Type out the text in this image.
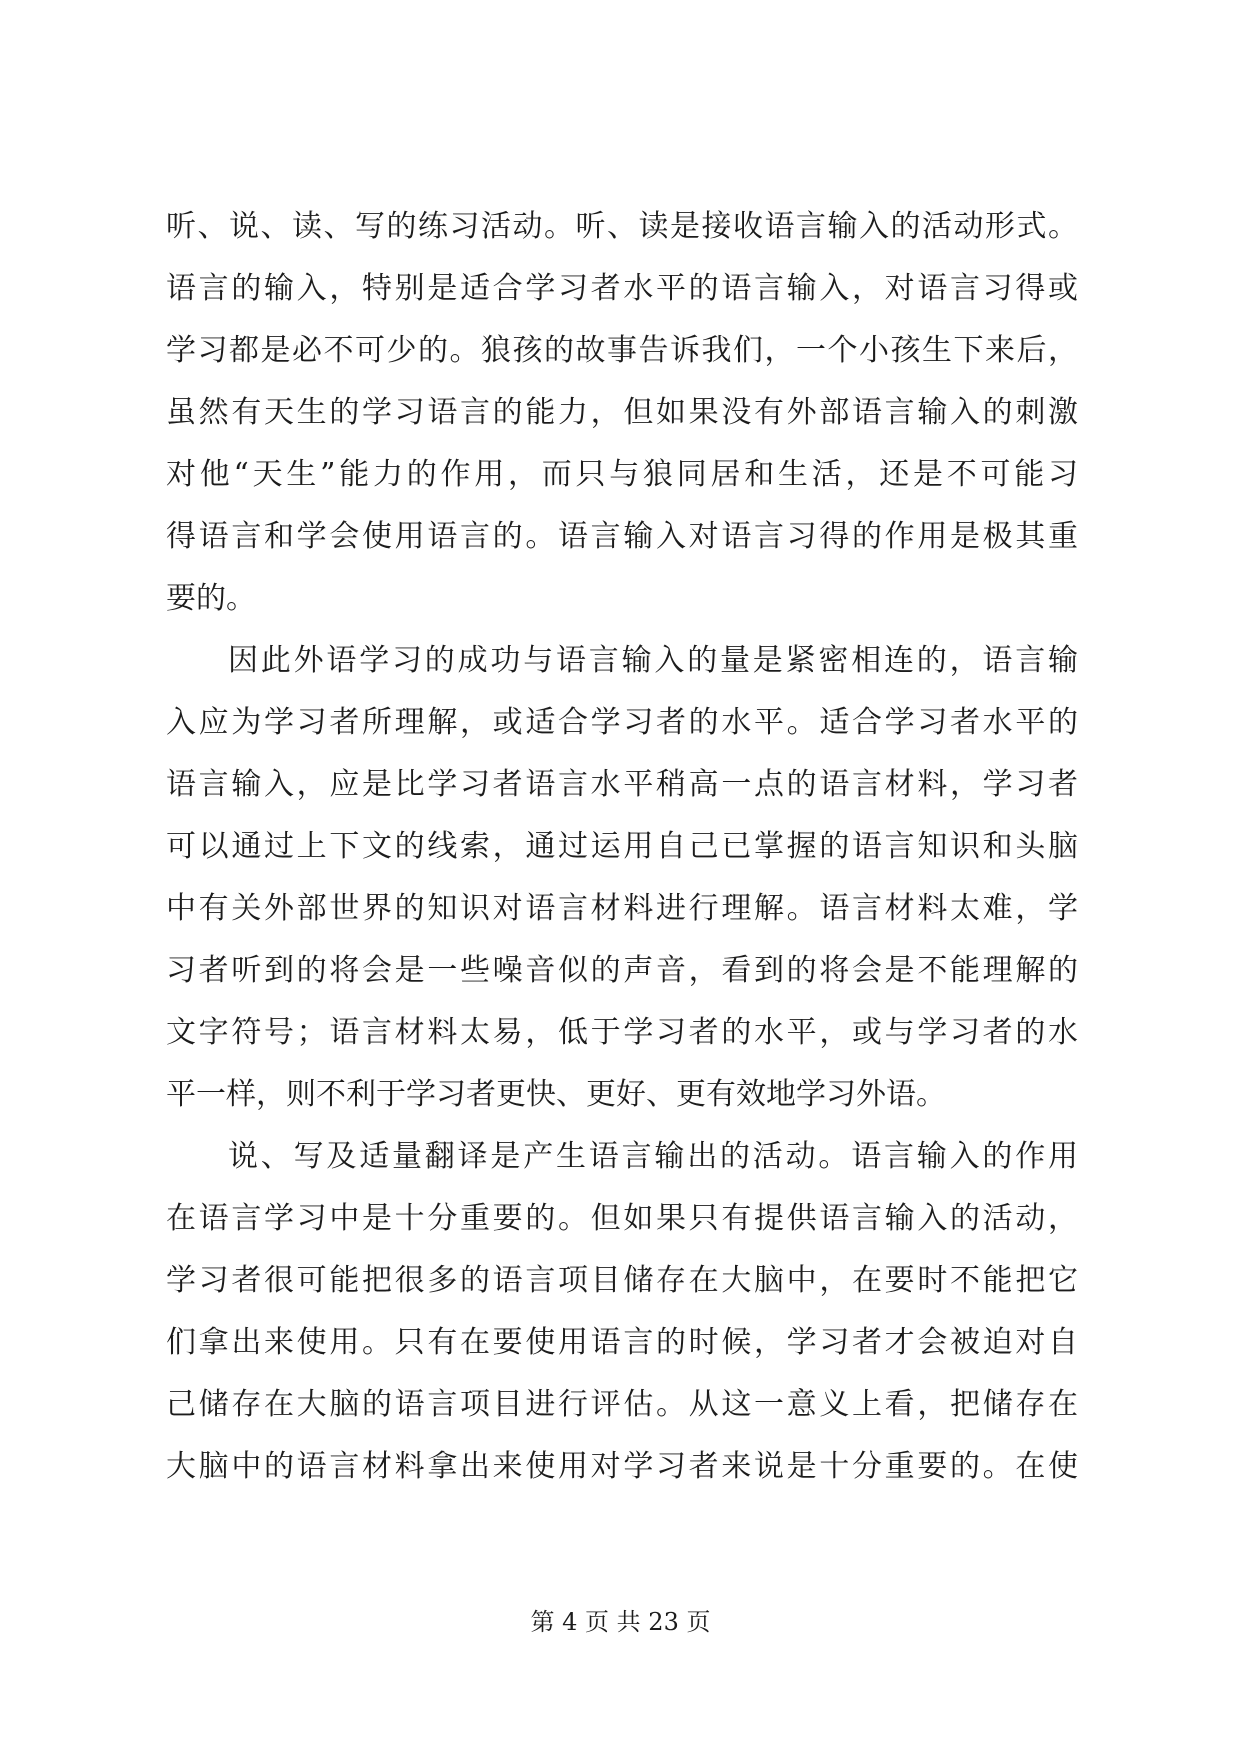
听、说、读、写的练习活动。听、读是接收语言输入的活动形式。
语言的输入，特别是适合学习者水平的语言输入，对语言习得或
学习都是必不可少的。狼孩的故事告诉我们，一个小孩生下来后，
虽然有天生的学习语言的能力，但如果没有外部语言输入的刺激
对他“天生”能力的作用，而只与狼同居和生活，还是不可能习
得语言和学会使用语言的。语言输入对语言习得的作用是极其重
要的。
因此外语学习的成功与语言输入的量是紧密相连的，语言输
入应为学习者所理解，或适合学习者的水平。适合学习者水平的
语言输入，应是比学习者语言水平稍高一点的语言材料，学习者
可以通过上下文的线索，通过运用自己已掌握的语言知识和头脑
中有关外部世界的知识对语言材料进行理解。语言材料太难，学
习者听到的将会是一些噪音似的声音，看到的将会是不能理解的
文字符号；语言材料太易，低于学习者的水平，或与学习者的水
平一样，则不利于学习者更快、更好、更有效地学习外语。
说、写及适量翻译是产生语言输出的活动。语言输入的作用
在语言学习中是十分重要的。但如果只有提供语言输入的活动，
学习者很可能把很多的语言项目储存在大脑中，在要时不能把它
们拿出来使用。只有在要使用语言的时候，学习者才会被迫对自
己储存在大脑的语言项目进行评估。从这一意义上看，把储存在
大脑中的语言材料拿出来使用对学习者来说是十分重要的。在使
第 4 页 共 23 页
